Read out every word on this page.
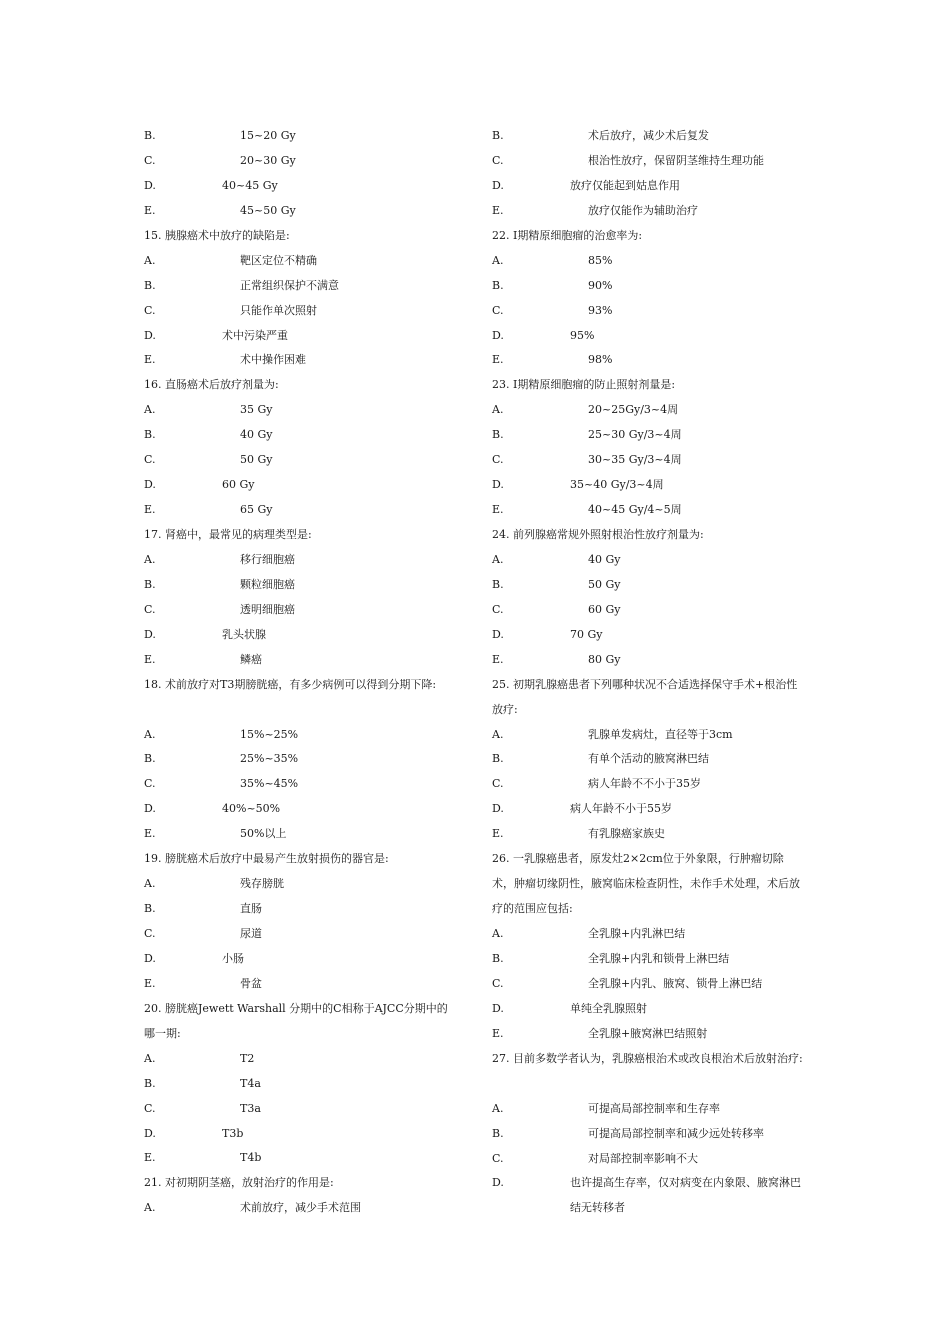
B.	15~20 Gy
C.	20~30 Gy
D.	40~45 Gy
E.	45~50 Gy
15. 胰腺癌术中放疗的缺陷是:
A.	靶区定位不精确
B.	正常组织保护不满意
C.	只能作单次照射
D.	术中污染严重
E.	术中操作困难
16. 直肠癌术后放疗剂量为:
A.	35 Gy
B.	40 Gy
C.	50 Gy
D.	60 Gy
E.	65 Gy
17. 肾癌中，最常见的病理类型是:
A.	移行细胞癌
B.	颗粒细胞癌
C.	透明细胞癌
D.	乳头状腺
E.	鳞癌
18. 术前放疗对T3期膀胱癌，有多少病例可以得到分期下降:
A.	15%~25%
B.	25%~35%
C.	35%~45%
D.	40%~50%
E.	50%以上
19. 膀胱癌术后放疗中最易产生放射损伤的器官是:
A.	残存膀胱
B.	直肠
C.	尿道
D.	小肠
E.	骨盆
20. 膀胱癌Jewett Warshall 分期中的C相称于AJCC分期中的哪一期:
A.	T2
B.	T4a
C.	T3a
D.	T3b
E.	T4b
21. 对初期阴茎癌，放射治疗的作用是:
A.	术前放疗，减少手术范围
B.	术后放疗，减少术后复发
C.	根治性放疗，保留阴茎维持生理功能
D.	放疗仅能起到姑息作用
E.	放疗仅能作为辅助治疗
22. Ⅰ期精原细胞瘤的治愈率为:
A.	85%
B.	90%
C.	93%
D.	95%
E.	98%
23. Ⅰ期精原细胞瘤的防止照射剂量是:
A.	20~25Gy/3~4周
B.	25~30 Gy/3~4周
C.	30~35 Gy/3~4周
D.	35~40 Gy/3~4周
E.	40~45 Gy/4~5周
24. 前列腺癌常规外照射根治性放疗剂量为:
A.	40 Gy
B.	50 Gy
C.	60 Gy
D.	70 Gy
E.	80 Gy
25. 初期乳腺癌患者下列哪种状况不合适选择保守手术+根治性放疗:
A.	乳腺单发病灶，直径等于3cm
B.	有单个活动的腋窝淋巴结
C.	病人年龄不不小于35岁
D.	病人年龄不小于55岁
E.	有乳腺癌家族史
26. 一乳腺癌患者，原发灶2×2cm位于外象限，行肿瘤切除术，肿瘤切缘阴性，腋窝临床检查阴性，未作手术处理，术后放疗的范围应包括:
A.	全乳腺+内乳淋巴结
B.	全乳腺+内乳和锁骨上淋巴结
C.	全乳腺+内乳、腋窝、锁骨上淋巴结
D.	单纯全乳腺照射
E.	全乳腺+腋窝淋巴结照射
27. 目前多数学者认为，乳腺癌根治术或改良根治术后放射治疗:
A.	可提高局部控制率和生存率
B.	可提高局部控制率和减少远处转移率
C.	对局部控制率影响不大
D.	也许提高生存率，仅对病变在内象限、腋窝淋巴结无转移者
